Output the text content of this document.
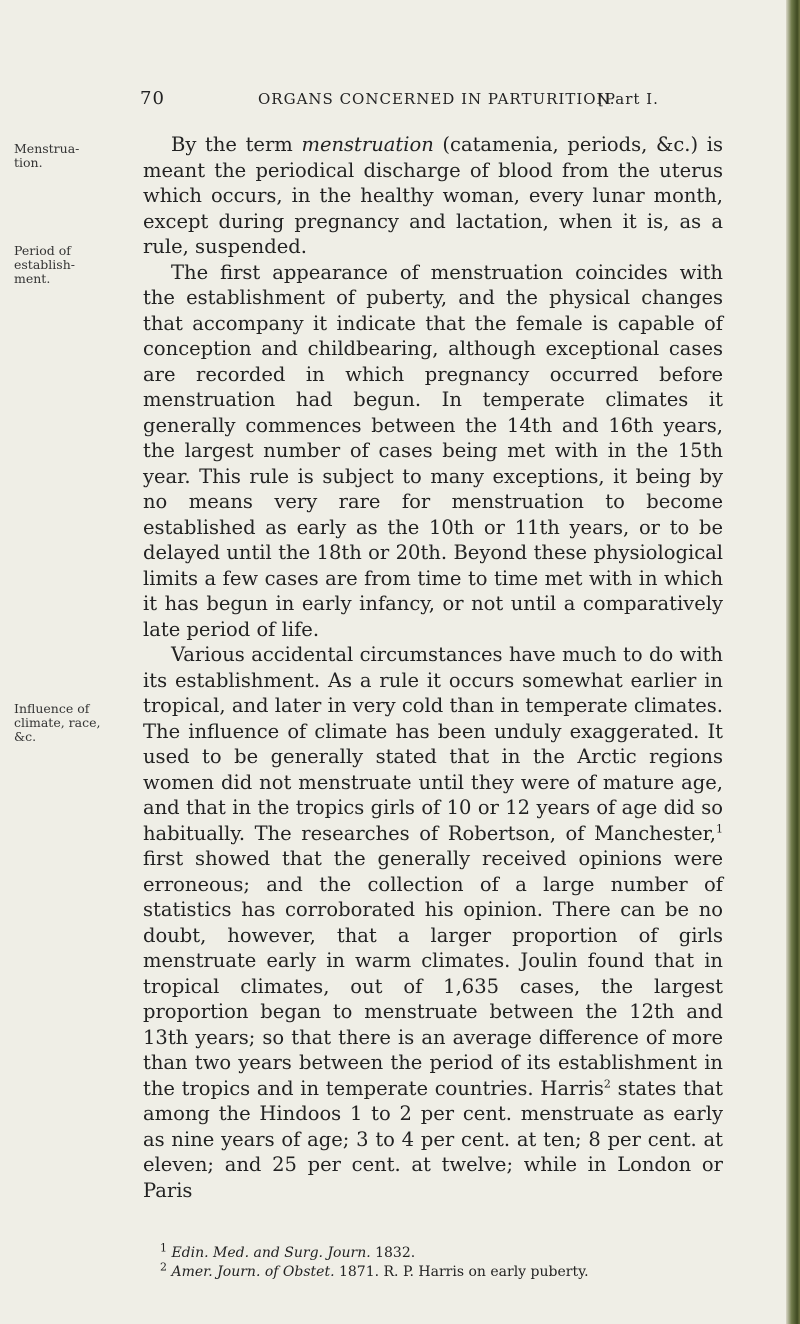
70	ORGANS CONCERNED IN PARTURITION.
[Part I.
Menstrua-tion.
Period of establish-ment.
Influence of climate, race, &c.

By the term menstruation (catamenia, periods, &c.) is meant the periodical discharge of blood from the uterus which occurs, in the healthy woman, every lunar month, except during pregnancy and lactation, when it is, as a rule, suspended.

The first appearance of menstruation coincides with the establishment of puberty, and the physical changes that accompany it indicate that the female is capable of conception and childbearing, although exceptional cases are recorded in which pregnancy occurred before menstruation had begun. In temperate climates it generally commences between the 14th and 16th years, the largest number of cases being met with in the 15th year. This rule is subject to many exceptions, it being by no means very rare for menstruation to become established as early as the 10th or 11th years, or to be delayed until the 18th or 20th. Beyond these physiological limits a few cases are from time to time met with in which it has begun in early infancy, or not until a comparatively late period of life.

Various accidental circumstances have much to do with its establishment. As a rule it occurs somewhat earlier in tropical, and later in very cold than in temperate climates. The influence of climate has been unduly exaggerated. It used to be generally stated that in the Arctic regions women did not menstruate until they were of mature age, and that in the tropics girls of 10 or 12 years of age did so habitually. The researches of Robertson, of Manchester,$^1$ first showed that the generally received opinions were erroneous; and the collection of a large number of statistics has corroborated his opinion. There can be no doubt, however, that a larger proportion of girls menstruate early in warm climates. Joulin found that in tropical climates, out of 1,635 cases, the largest proportion began to menstruate between the 12th and 13th years; so that there is an average difference of more than two years between the period of its establishment in the tropics and in temperate countries. Harris$^2$ states that among the Hindoos 1 to 2 per cent. menstruate as early as nine years of age; 3 to 4 per cent. at ten; 8 per cent. at eleven; and 25 per cent. at twelve; while in London or Paris

$^1$ Edin. Med. and Surg. Journ. 1832.
$^2$ Amer. Journ. of Obstet. 1871. R. P. Harris on early puberty.
